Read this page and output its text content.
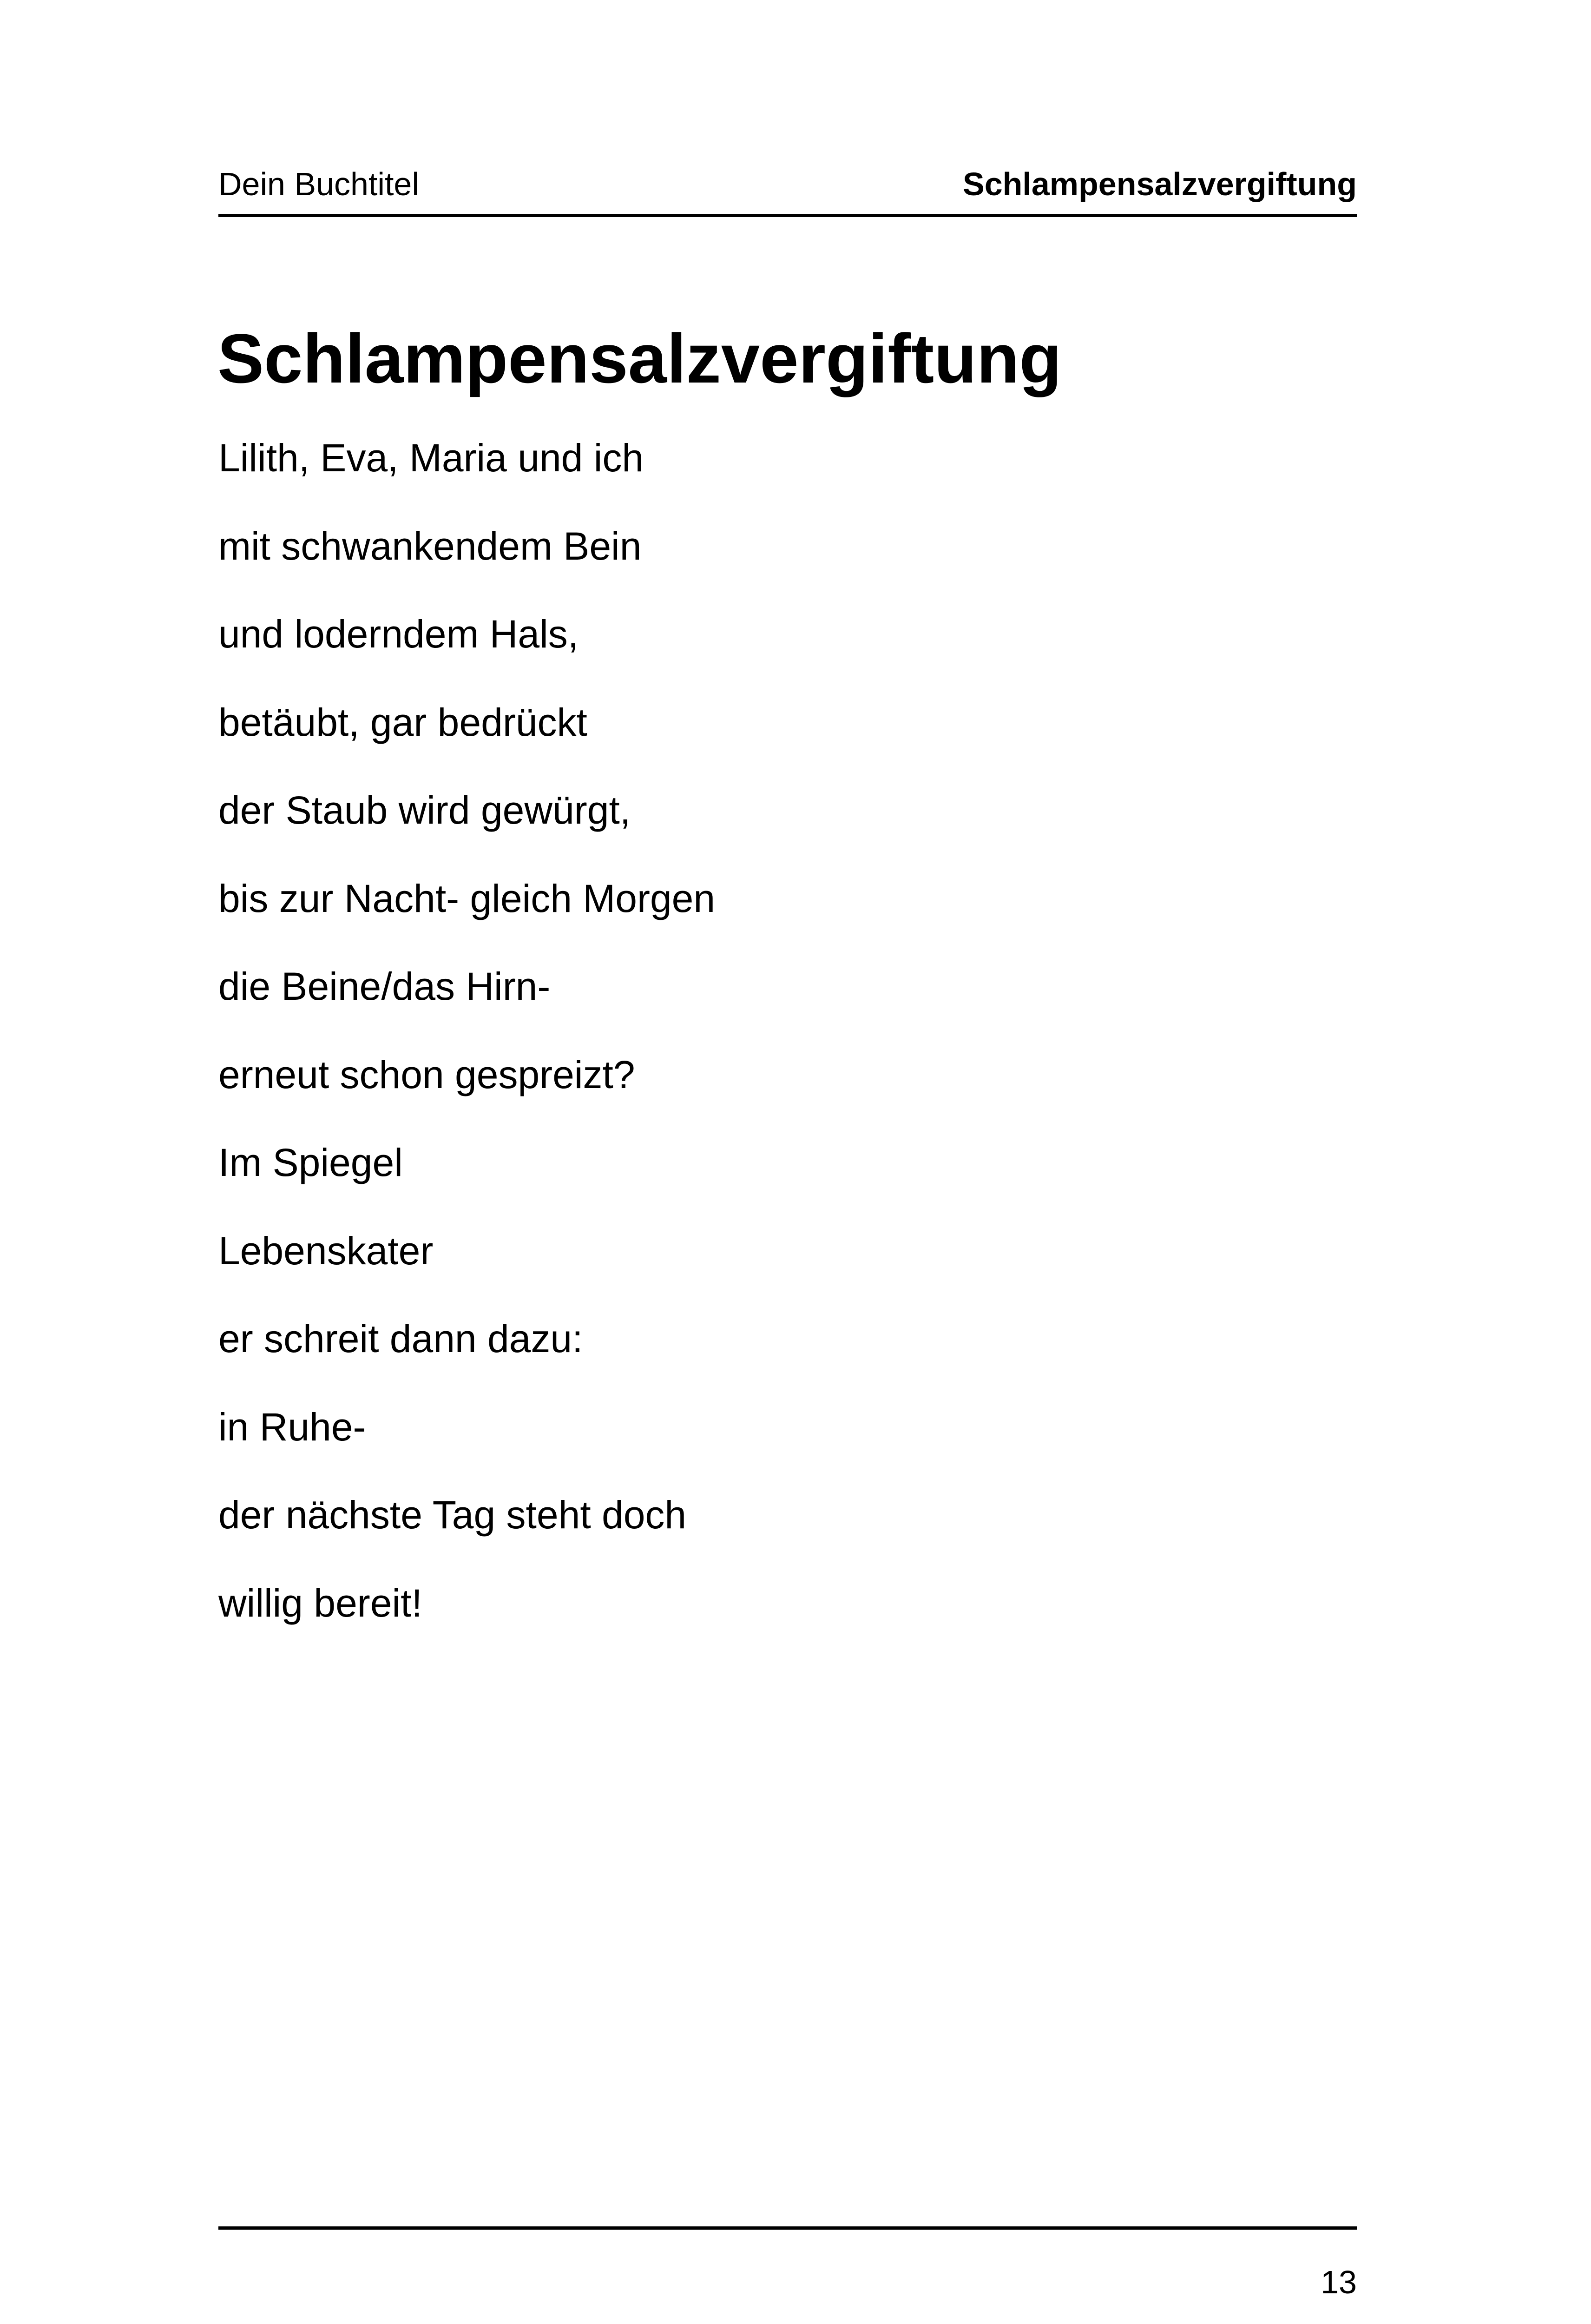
Dein Buchtitel	Schlampensalzvergiftung
Schlampensalzvergiftung
Lilith, Eva, Maria und ich
mit schwankendem Bein
und loderndem Hals,
betäubt, gar bedrückt
der Staub wird gewürgt,
bis zur Nacht- gleich Morgen
die Beine/das Hirn-
erneut schon gespreizt?
Im Spiegel
Lebenskater
er schreit dann dazu:
in Ruhe-
der nächste Tag steht doch
willig bereit!
13
